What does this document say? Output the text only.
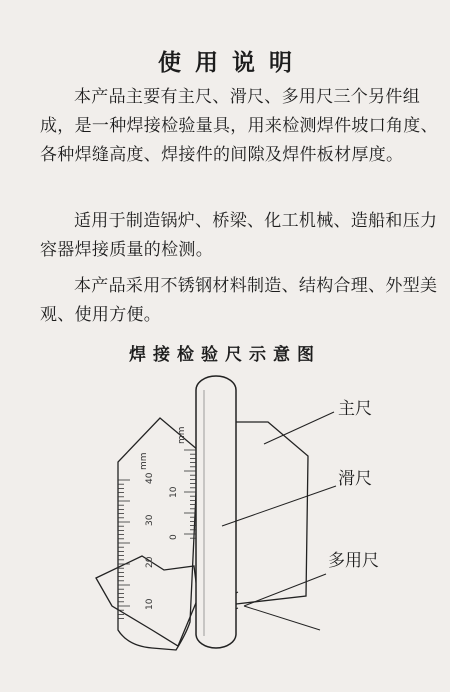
使用说明

本产品主要有主尺、滑尺、多用尺三个另件组成，是一种焊接检验量具，用来检测焊件坡口角度、各种焊缝高度、焊接件的间隙及焊件板材厚度。

适用于制造锅炉、桥梁、化工机械、造船和压力容器焊接质量的检测。

本产品采用不锈钢材料制造、结构合理、外型美观、使用方便。

焊接检验尺示意图
40
30
20
10
10
0
mm
mm
主尺
滑尺
多用尺
